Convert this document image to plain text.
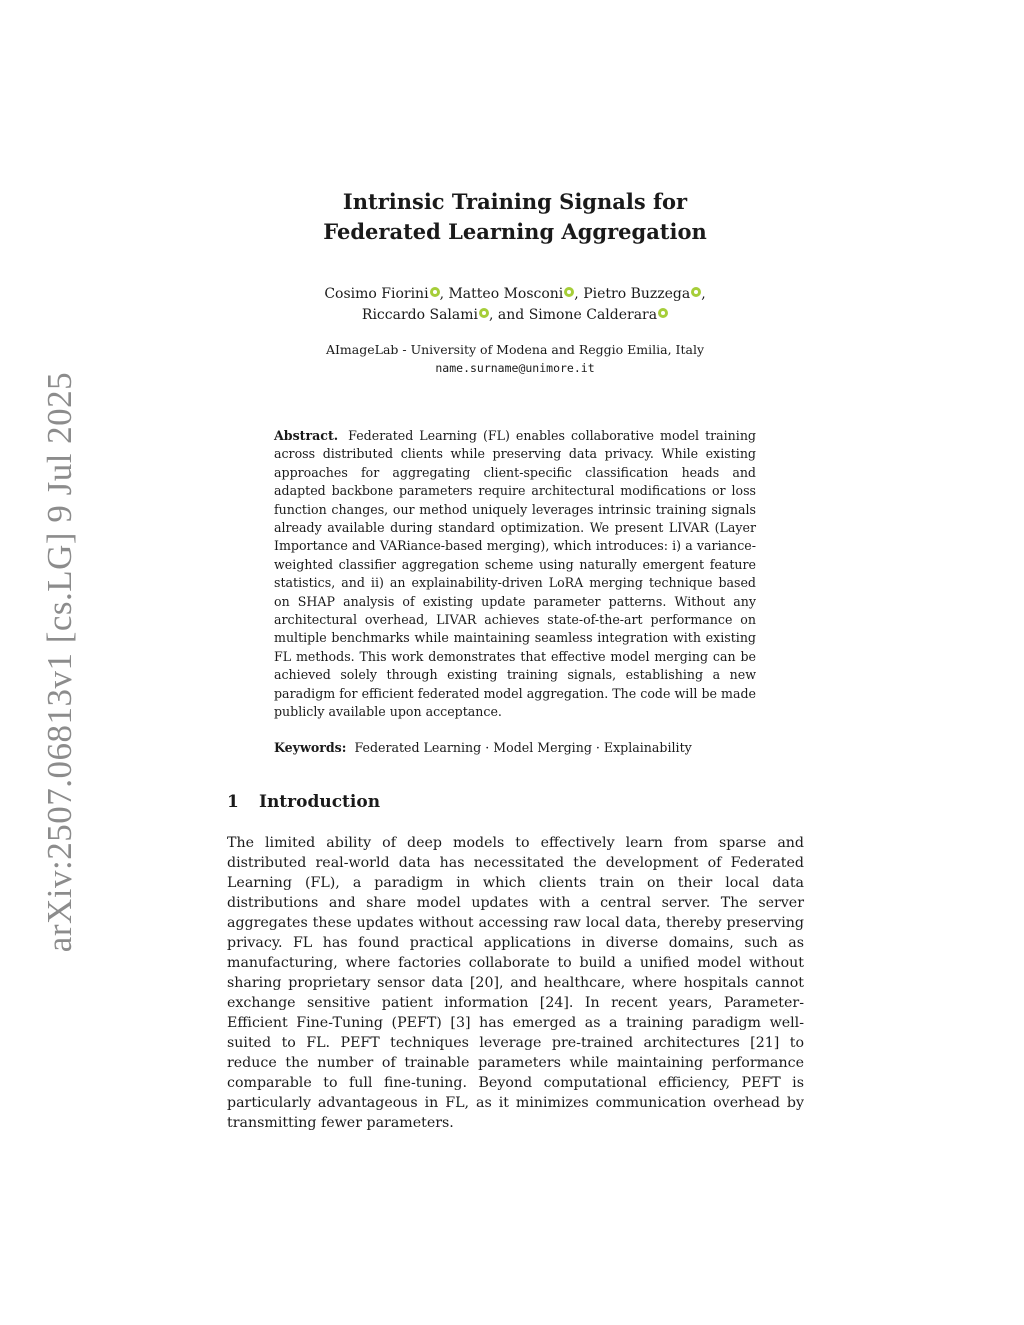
arXiv:2507.06813v1 [cs.LG] 9 Jul 2025
Intrinsic Training Signals for
Federated Learning Aggregation
Cosimo Fiorini , Matteo Mosconi , Pietro Buzzega ,
Riccardo Salami , and Simone Calderara
AImageLab - University of Modena and Reggio Emilia, Italy
name.surname@unimore.it
Abstract. Federated Learning (FL) enables collaborative model training across distributed clients while preserving data privacy. While existing approaches for aggregating client-specific classification heads and adapted backbone parameters require architectural modifications or loss function changes, our method uniquely leverages intrinsic training signals already available during standard optimization. We present LIVAR (Layer Importance and VARiance-based merging), which introduces: i) a variance-weighted classifier aggregation scheme using naturally emergent feature statistics, and ii) an explainability-driven LoRA merging technique based on SHAP analysis of existing update parameter patterns. Without any architectural overhead, LIVAR achieves state-of-the-art performance on multiple benchmarks while maintaining seamless integration with existing FL methods. This work demonstrates that effective model merging can be achieved solely through existing training signals, establishing a new paradigm for efficient federated model aggregation. The code will be made publicly available upon acceptance.
Keywords: Federated Learning · Model Merging · Explainability
1 Introduction
The limited ability of deep models to effectively learn from sparse and distributed real-world data has necessitated the development of Federated Learning (FL), a paradigm in which clients train on their local data distributions and share model updates with a central server. The server aggregates these updates without accessing raw local data, thereby preserving privacy. FL has found practical applications in diverse domains, such as manufacturing, where factories collaborate to build a unified model without sharing proprietary sensor data [20], and healthcare, where hospitals cannot exchange sensitive patient information [24]. In recent years, Parameter-Efficient Fine-Tuning (PEFT) [3] has emerged as a training paradigm well-suited to FL. PEFT techniques leverage pre-trained architectures [21] to reduce the number of trainable parameters while maintaining performance comparable to full fine-tuning. Beyond computational efficiency, PEFT is particularly advantageous in FL, as it minimizes communication overhead by transmitting fewer parameters.
